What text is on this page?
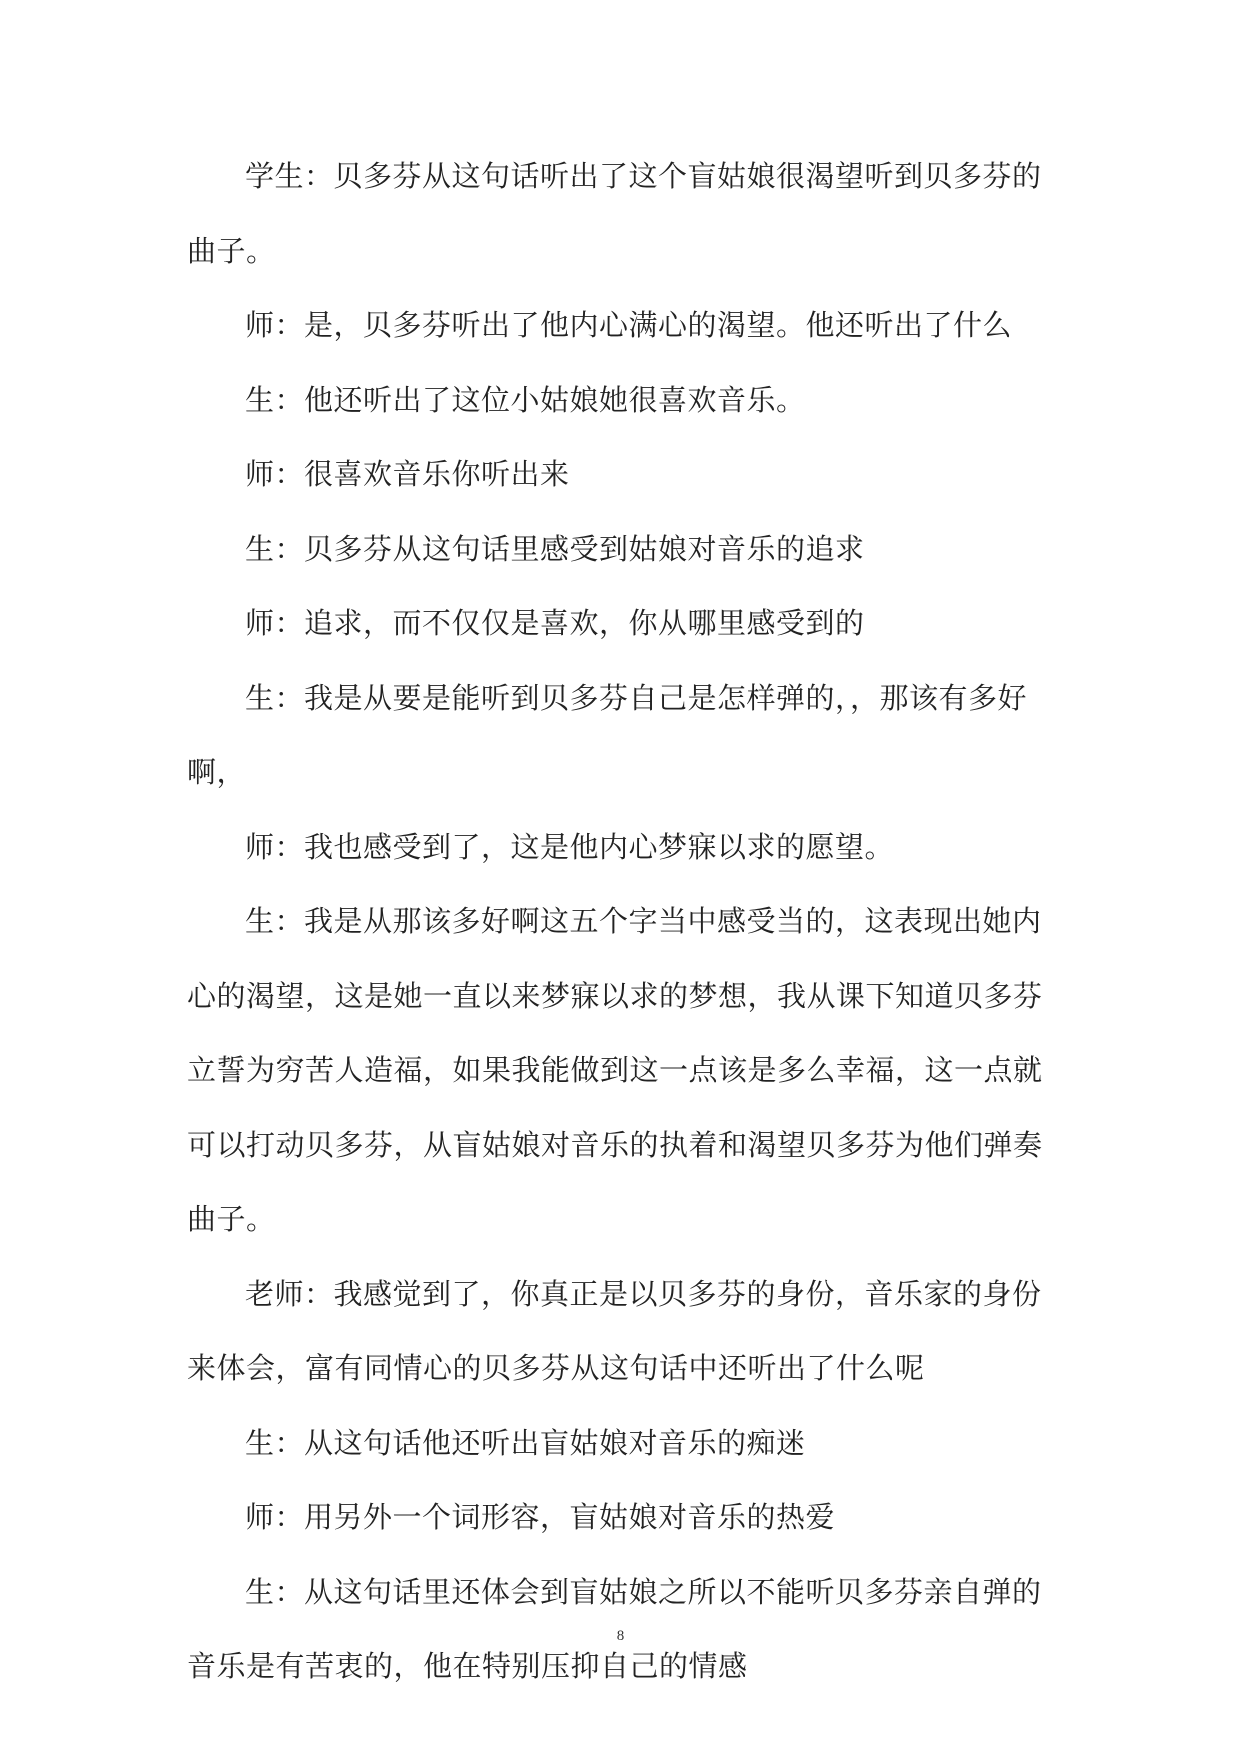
学生：贝多芬从这句话听出了这个盲姑娘很渴望听到贝多芬的曲子。

师：是，贝多芬听出了他内心满心的渴望。他还听出了什么

生：他还听出了这位小姑娘她很喜欢音乐。

师：很喜欢音乐你听出来

生：贝多芬从这句话里感受到姑娘对音乐的追求

师：追求，而不仅仅是喜欢，你从哪里感受到的

生：我是从要是能听到贝多芬自己是怎样弹的，，那该有多好啊，

师：我也感受到了，这是他内心梦寐以求的愿望。

生：我是从那该多好啊这五个字当中感受当的，这表现出她内心的渴望，这是她一直以来梦寐以求的梦想，我从课下知道贝多芬立誓为穷苦人造福，如果我能做到这一点该是多么幸福，这一点就可以打动贝多芬，从盲姑娘对音乐的执着和渴望贝多芬为他们弹奏曲子。

老师：我感觉到了，你真正是以贝多芬的身份，音乐家的身份来体会，富有同情心的贝多芬从这句话中还听出了什么呢

生：从这句话他还听出盲姑娘对音乐的痴迷

师：用另外一个词形容，盲姑娘对音乐的热爱

生：从这句话里还体会到盲姑娘之所以不能听贝多芬亲自弹的音乐是有苦衷的，他在特别压抑自己的情感

8
